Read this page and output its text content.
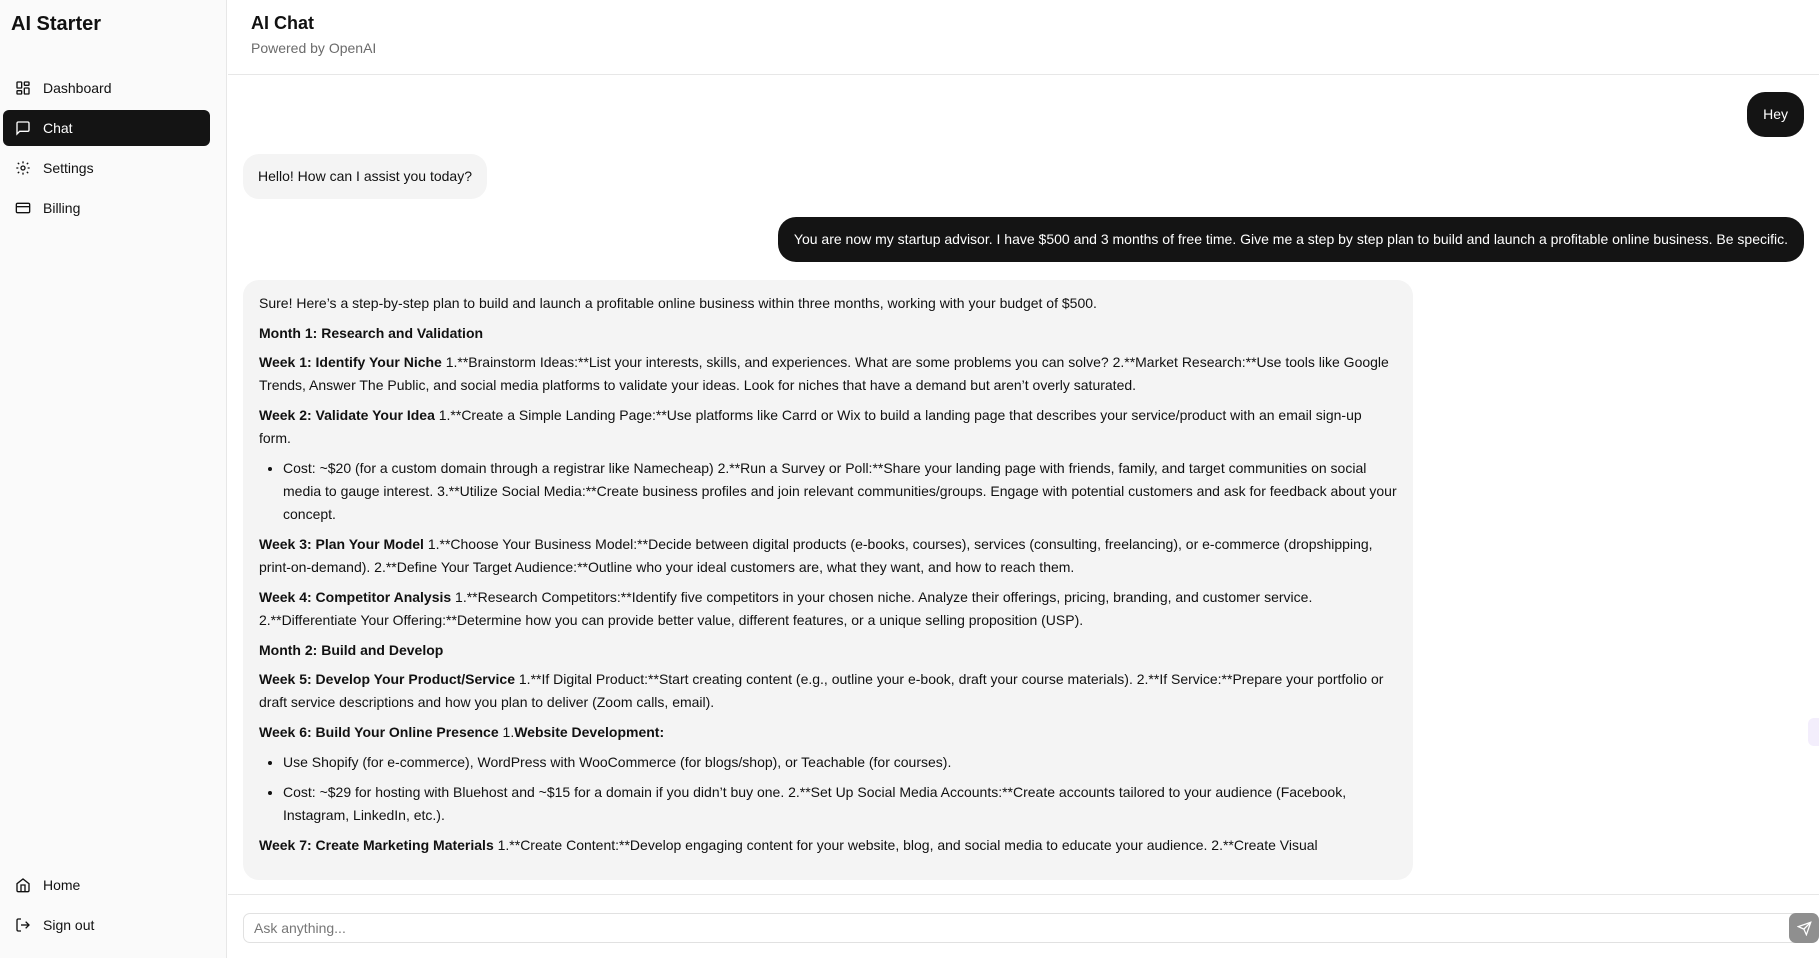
AI Starter
Dashboard
Chat
Settings
Billing
Home
Sign out
AI Chat
Powered by OpenAI
Hey
Hello! How can I assist you today?
You are now my startup advisor. I have $500 and 3 months of free time. Give me a step by step plan to build and launch a profitable online business. Be specific.

Sure! Here’s a step-by-step plan to build and launch a profitable online business within three months, working with your budget of $500.

Month 1: Research and Validation

Week 1: Identify Your Niche 1.**Brainstorm Ideas:**List your interests, skills, and experiences. What are some problems you can solve? 2.**Market Research:**Use tools like Google Trends, Answer The Public, and social media platforms to validate your ideas. Look for niches that have a demand but aren’t overly saturated.

Week 2: Validate Your Idea 1.**Create a Simple Landing Page:**Use platforms like Carrd or Wix to build a landing page that describes your service/product with an email sign-up form.

• Cost: ~$20 (for a custom domain through a registrar like Namecheap) 2.**Run a Survey or Poll:**Share your landing page with friends, family, and target communities on social media to gauge interest. 3.**Utilize Social Media:**Create business profiles and join relevant communities/groups. Engage with potential customers and ask for feedback about your concept.

Week 3: Plan Your Model 1.**Choose Your Business Model:**Decide between digital products (e-books, courses), services (consulting, freelancing), or e-commerce (dropshipping, print-on-demand). 2.**Define Your Target Audience:**Outline who your ideal customers are, what they want, and how to reach them.

Week 4: Competitor Analysis 1.**Research Competitors:**Identify five competitors in your chosen niche. Analyze their offerings, pricing, branding, and customer service. 2.**Differentiate Your Offering:**Determine how you can provide better value, different features, or a unique selling proposition (USP).

Month 2: Build and Develop

Week 5: Develop Your Product/Service 1.**If Digital Product:**Start creating content (e.g., outline your e-book, draft your course materials). 2.**If Service:**Prepare your portfolio or draft service descriptions and how you plan to deliver (Zoom calls, email).

Week 6: Build Your Online Presence 1.Website Development:

• Use Shopify (for e-commerce), WordPress with WooCommerce (for blogs/shop), or Teachable (for courses).
• Cost: ~$29 for hosting with Bluehost and ~$15 for a domain if you didn’t buy one. 2.**Set Up Social Media Accounts:**Create accounts tailored to your audience (Facebook, Instagram, LinkedIn, etc.).

Week 7: Create Marketing Materials 1.**Create Content:**Develop engaging content for your website, blog, and social media to educate your audience. 2.**Create Visual

Ask anything...
